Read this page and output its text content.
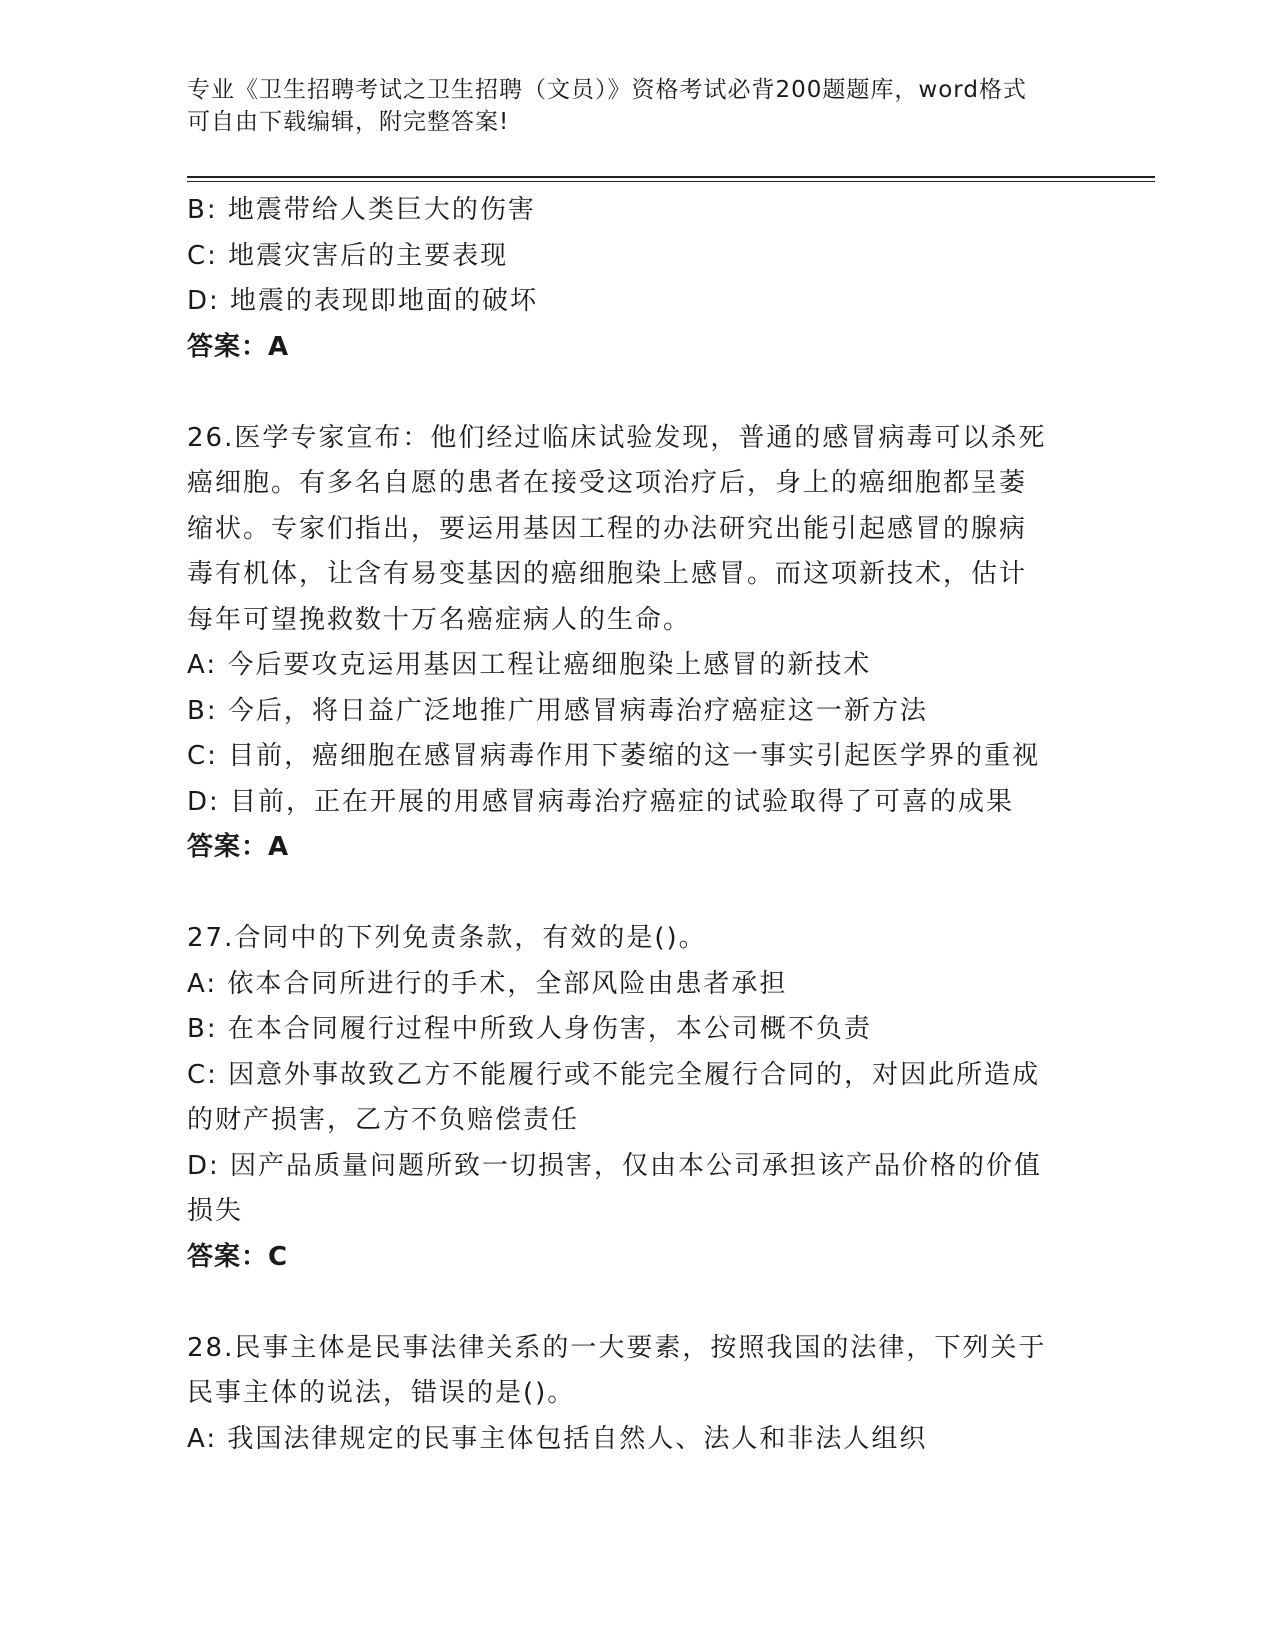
专业《卫生招聘考试之卫生招聘（文员）》资格考试必背200题题库，word格式
可自由下载编辑，附完整答案!
B: 地震带给人类巨大的伤害
C: 地震灾害后的主要表现
D: 地震的表现即地面的破坏
答案：A
26.医学专家宣布：他们经过临床试验发现，普通的感冒病毒可以杀死
癌细胞。有多名自愿的患者在接受这项治疗后，身上的癌细胞都呈萎
缩状。专家们指出，要运用基因工程的办法研究出能引起感冒的腺病
毒有机体，让含有易变基因的癌细胞染上感冒。而这项新技术，估计
每年可望挽救数十万名癌症病人的生命。
A: 今后要攻克运用基因工程让癌细胞染上感冒的新技术
B: 今后，将日益广泛地推广用感冒病毒治疗癌症这一新方法
C: 目前，癌细胞在感冒病毒作用下萎缩的这一事实引起医学界的重视
D: 目前，正在开展的用感冒病毒治疗癌症的试验取得了可喜的成果
答案：A
27.合同中的下列免责条款，有效的是()。
A: 依本合同所进行的手术，全部风险由患者承担
B: 在本合同履行过程中所致人身伤害，本公司概不负责
C: 因意外事故致乙方不能履行或不能完全履行合同的，对因此所造成
的财产损害，乙方不负赔偿责任
D: 因产品质量问题所致一切损害，仅由本公司承担该产品价格的价值
损失
答案：C
28.民事主体是民事法律关系的一大要素，按照我国的法律，下列关于
民事主体的说法，错误的是()。
A: 我国法律规定的民事主体包括自然人、法人和非法人组织
